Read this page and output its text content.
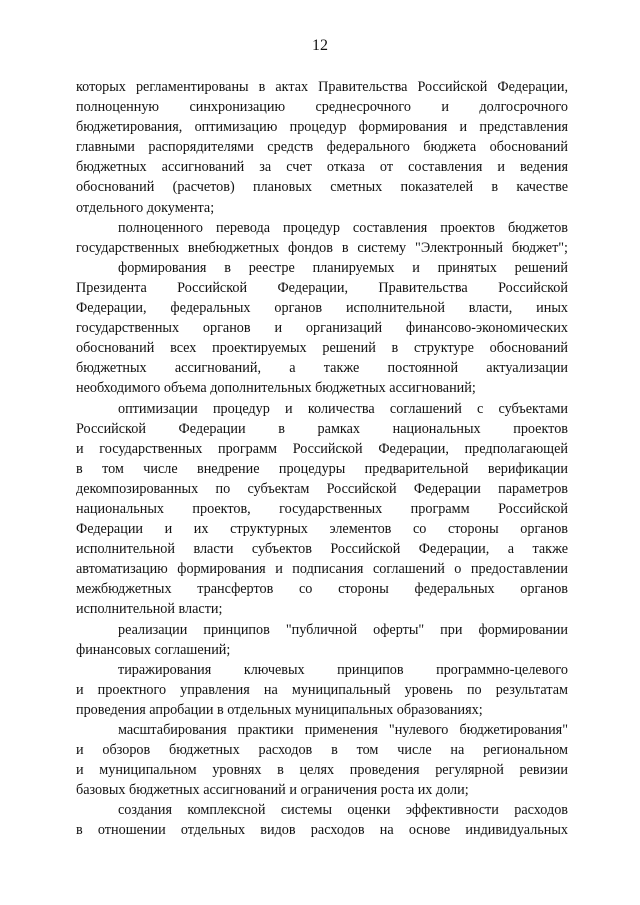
12
которых регламентированы в актах Правительства Российской Федерации,
полноценную синхронизацию среднесрочного и долгосрочного
бюджетирования, оптимизацию процедур формирования и представления
главными распорядителями средств федерального бюджета обоснований
бюджетных ассигнований за счет отказа от составления и ведения
обоснований (расчетов) плановых сметных показателей в качестве
отдельного документа;
полноценного перевода процедур составления проектов бюджетов
государственных внебюджетных фондов в систему "Электронный бюджет";
формирования в реестре планируемых и принятых решений
Президента Российской Федерации, Правительства Российской
Федерации, федеральных органов исполнительной власти, иных
государственных органов и организаций финансово-экономических
обоснований всех проектируемых решений в структуре обоснований
бюджетных ассигнований, а также постоянной актуализации
необходимого объема дополнительных бюджетных ассигнований;
оптимизации процедур и количества соглашений с субъектами
Российской Федерации в рамках национальных проектов
и государственных программ Российской Федерации, предполагающей
в том числе внедрение процедуры предварительной верификации
декомпозированных по субъектам Российской Федерации параметров
национальных проектов, государственных программ Российской
Федерации и их структурных элементов со стороны органов
исполнительной власти субъектов Российской Федерации, а также
автоматизацию формирования и подписания соглашений о предоставлении
межбюджетных трансфертов со стороны федеральных органов
исполнительной власти;
реализации принципов "публичной оферты" при формировании
финансовых соглашений;
тиражирования ключевых принципов программно-целевого
и проектного управления на муниципальный уровень по результатам
проведения апробации в отдельных муниципальных образованиях;
масштабирования практики применения "нулевого бюджетирования"
и обзоров бюджетных расходов в том числе на региональном
и муниципальном уровнях в целях проведения регулярной ревизии
базовых бюджетных ассигнований и ограничения роста их доли;
создания комплексной системы оценки эффективности расходов
в отношении отдельных видов расходов на основе индивидуальных
